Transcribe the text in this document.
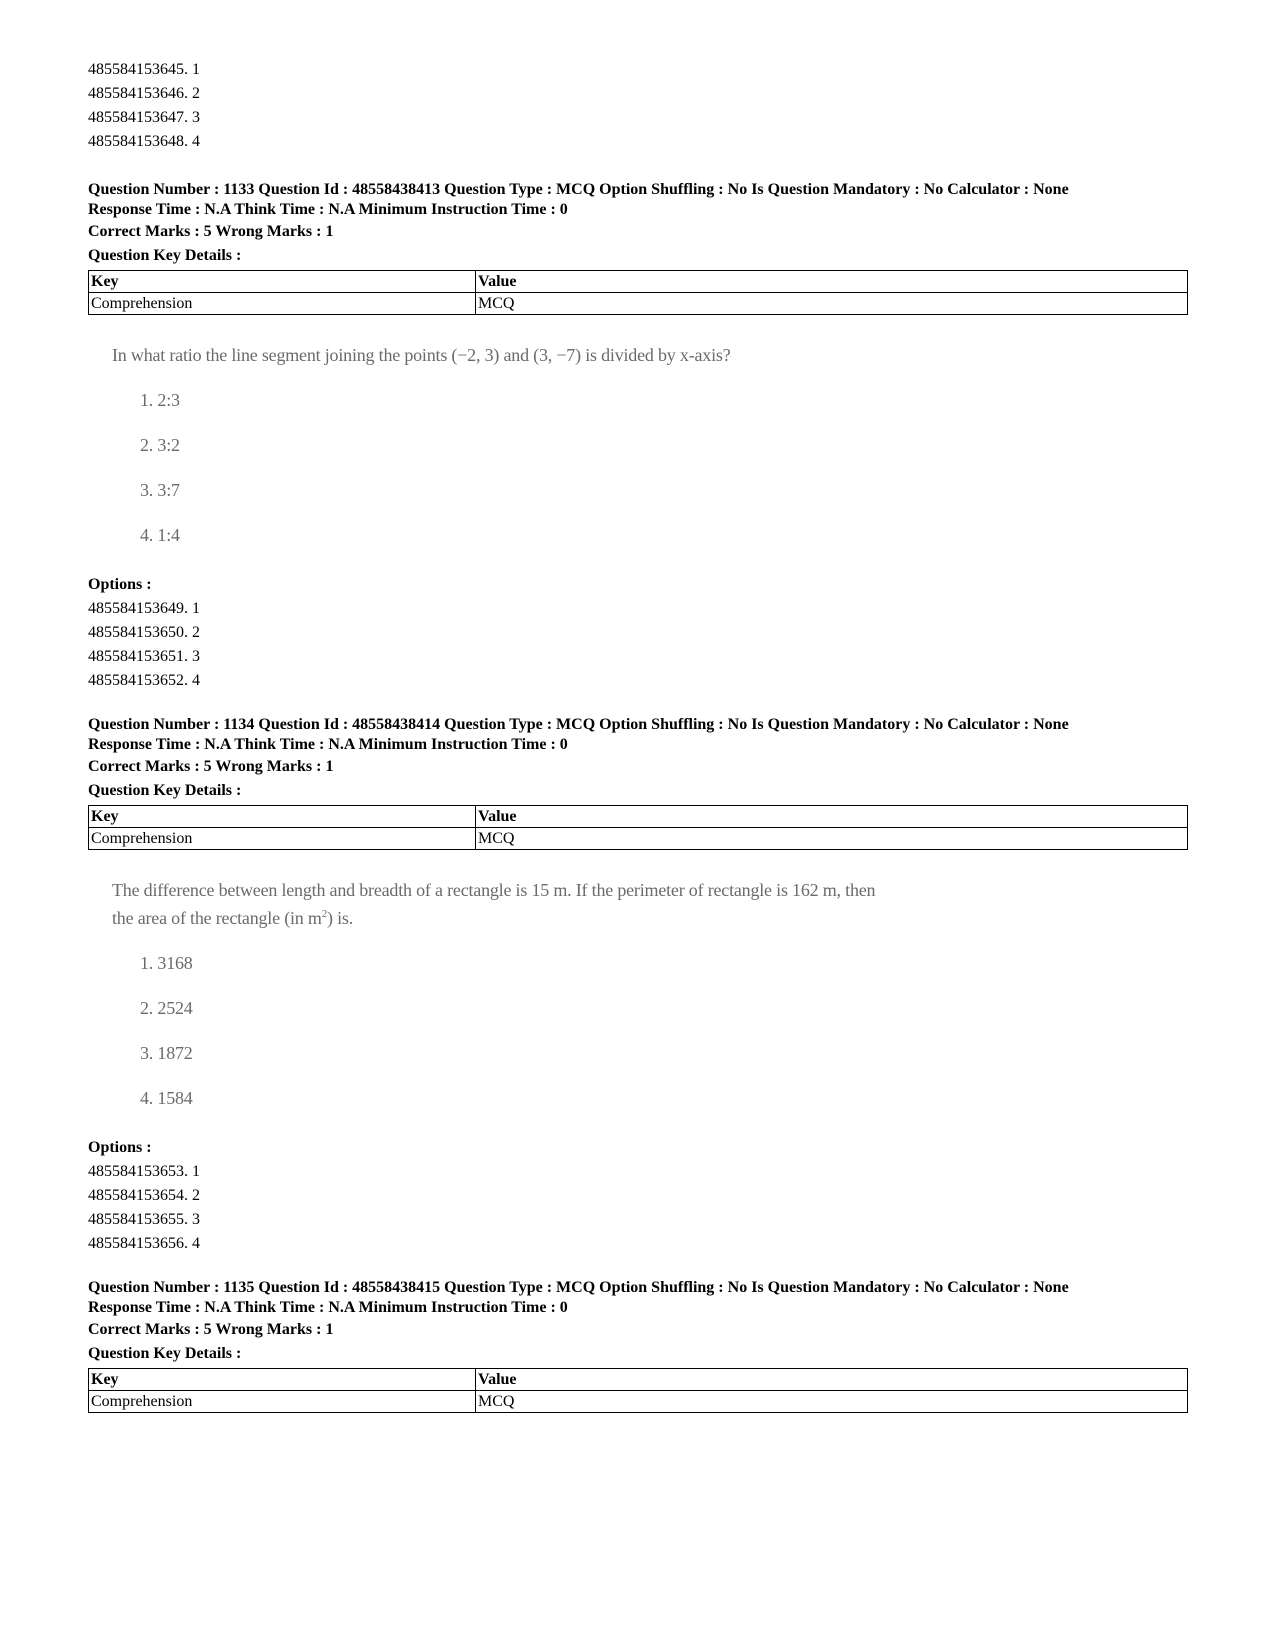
485584153645. 1
485584153646. 2
485584153647. 3
485584153648. 4
Question Number : 1133 Question Id : 48558438413 Question Type : MCQ Option Shuffling : No Is Question Mandatory : No Calculator : None
Response Time : N.A Think Time : N.A Minimum Instruction Time : 0
Correct Marks : 5 Wrong Marks : 1
Question Key Details :
Key	Value
Comprehension	MCQ
In what ratio the line segment joining the points (−2, 3) and (3, −7) is divided by x-axis?
1. 2:3
2. 3:2
3. 3:7
4. 1:4
Options :
485584153649. 1
485584153650. 2
485584153651. 3
485584153652. 4
Question Number : 1134 Question Id : 48558438414 Question Type : MCQ Option Shuffling : No Is Question Mandatory : No Calculator : None
Response Time : N.A Think Time : N.A Minimum Instruction Time : 0
Correct Marks : 5 Wrong Marks : 1
Question Key Details :
Key	Value
Comprehension	MCQ
The difference between length and breadth of a rectangle is 15 m. If the perimeter of rectangle is 162 m, then
the area of the rectangle (in $m^2$) is.
1. 3168
2. 2524
3. 1872
4. 1584
Options :
485584153653. 1
485584153654. 2
485584153655. 3
485584153656. 4
Question Number : 1135 Question Id : 48558438415 Question Type : MCQ Option Shuffling : No Is Question Mandatory : No Calculator : None
Response Time : N.A Think Time : N.A Minimum Instruction Time : 0
Correct Marks : 5 Wrong Marks : 1
Question Key Details :
Key	Value
Comprehension	MCQ
